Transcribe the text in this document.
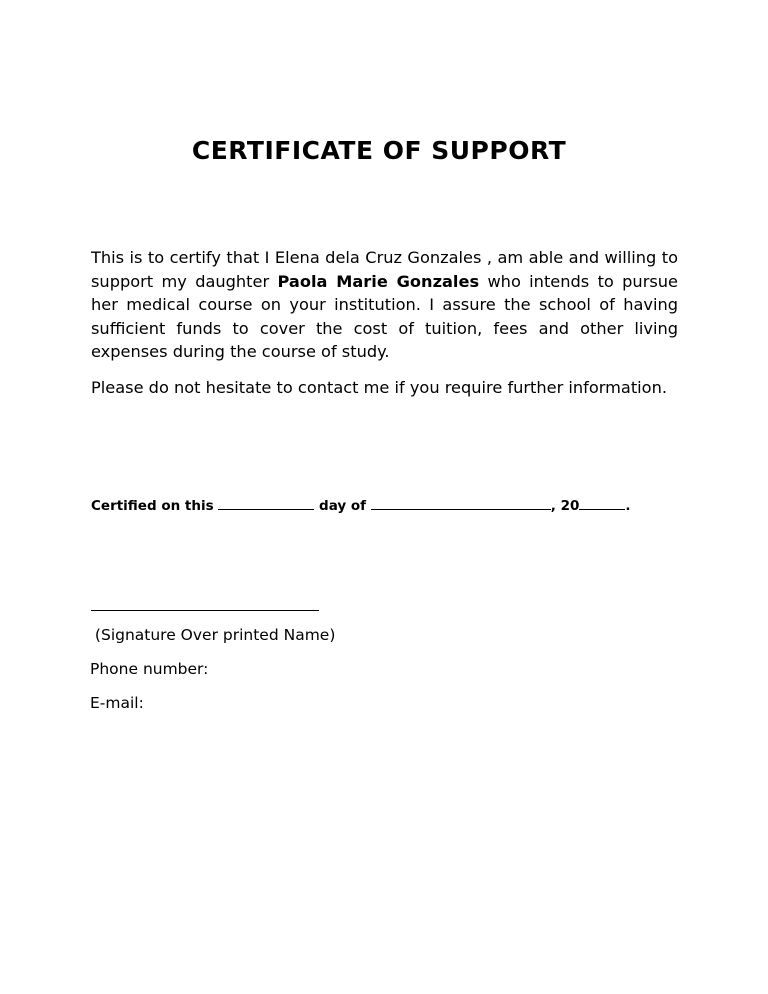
CERTIFICATE OF SUPPORT
This is to certify that I Elena dela Cruz Gonzales , am able and willing to support my daughter Paola Marie Gonzales who intends to pursue her medical course on your institution. I assure the school of having sufficient funds to cover the cost of tuition, fees and other living expenses during the course of study.
Please do not hesitate to contact me if you require further information.
Certified on this	day of	, 20	.
(Signature Over printed Name)
Phone number:
E-mail:
